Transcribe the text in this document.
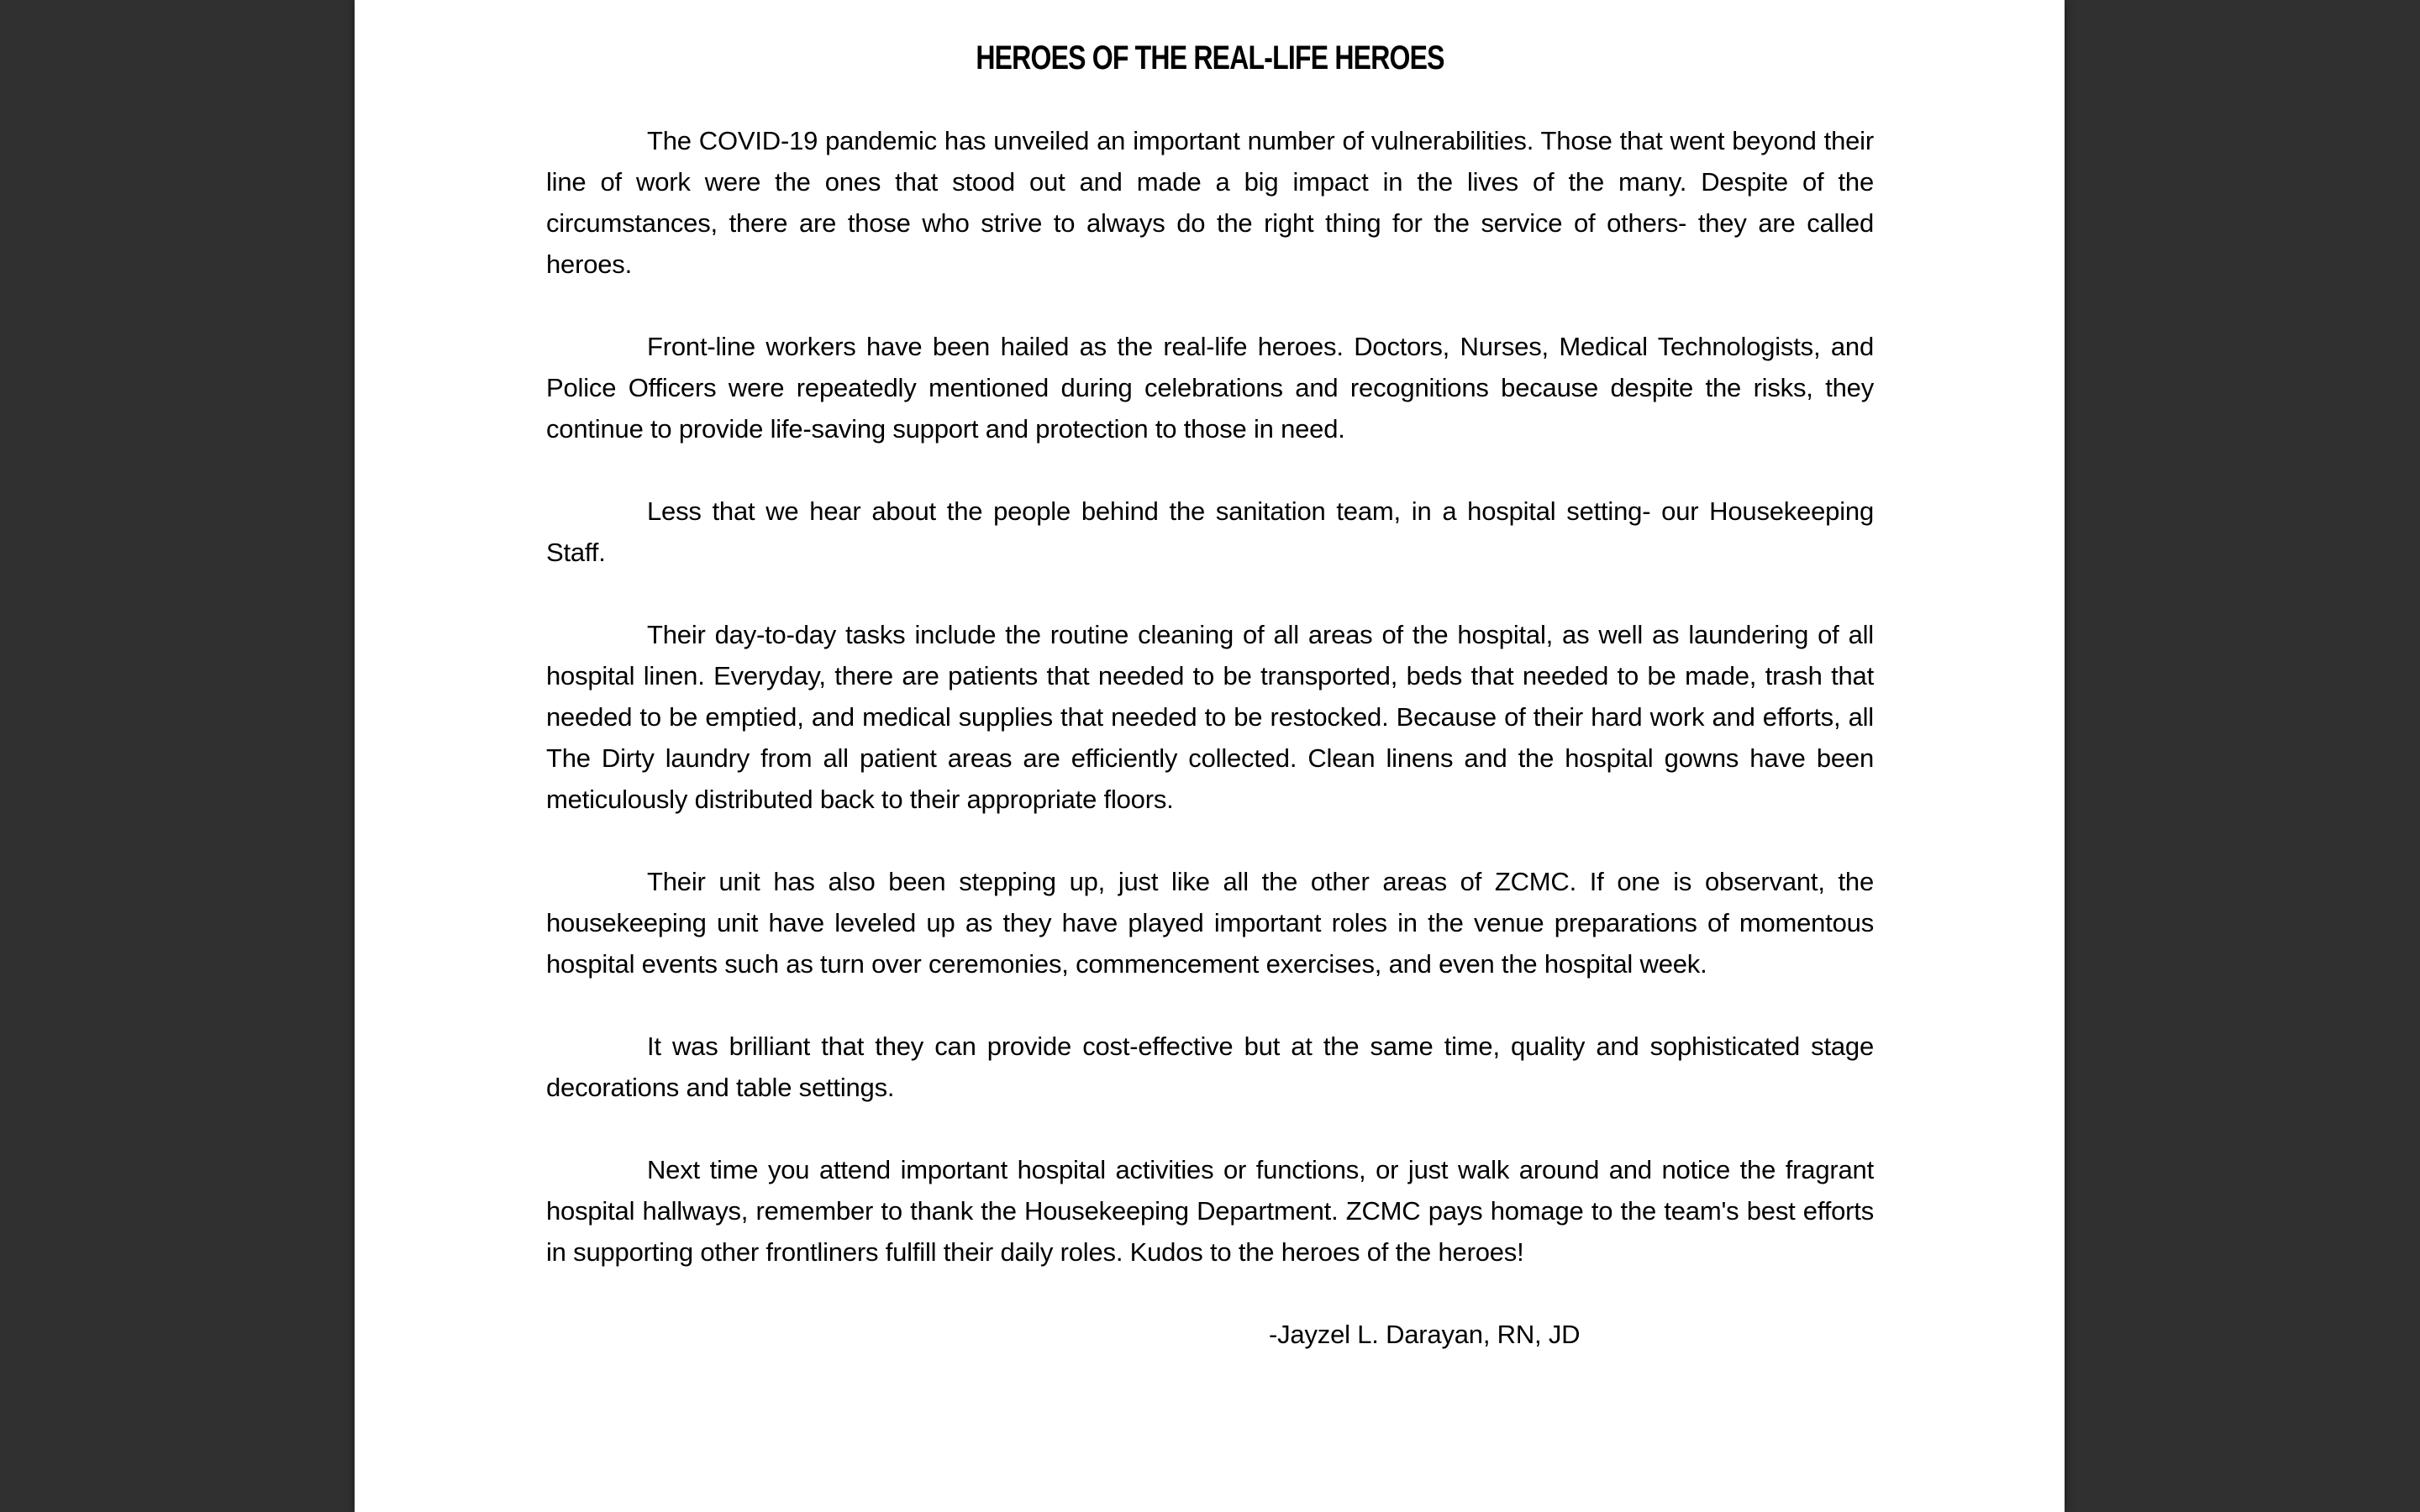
HEROES OF THE REAL-LIFE HEROES

The COVID-19 pandemic has unveiled an important number of vulnerabilities. Those that went beyond their line of work were the ones that stood out and made a big impact in the lives of the many. Despite of the circumstances, there are those who strive to always do the right thing for the service of others- they are called heroes.

Front-line workers have been hailed as the real-life heroes. Doctors, Nurses, Medical Technologists, and Police Officers were repeatedly mentioned during celebrations and recognitions because despite the risks, they continue to provide life-saving support and protection to those in need.

Less that we hear about the people behind the sanitation team, in a hospital setting- our Housekeeping Staff.

Their day-to-day tasks include the routine cleaning of all areas of the hospital, as well as laundering of all hospital linen. Everyday, there are patients that needed to be transported, beds that needed to be made, trash that needed to be emptied, and medical supplies that needed to be restocked. Because of their hard work and efforts, all The Dirty laundry from all patient areas are efficiently collected. Clean linens and the hospital gowns have been meticulously distributed back to their appropriate floors.

Their unit has also been stepping up, just like all the other areas of ZCMC. If one is observant, the housekeeping unit have leveled up as they have played important roles in the venue preparations of momentous hospital events such as turn over ceremonies, commencement exercises, and even the hospital week.

It was brilliant that they can provide cost-effective but at the same time, quality and sophisticated stage decorations and table settings.

Next time you attend important hospital activities or functions, or just walk around and notice the fragrant hospital hallways, remember to thank the Housekeeping Department. ZCMC pays homage to the team's best efforts in supporting other frontliners fulfill their daily roles. Kudos to the heroes of the heroes!

-Jayzel L. Darayan, RN, JD
